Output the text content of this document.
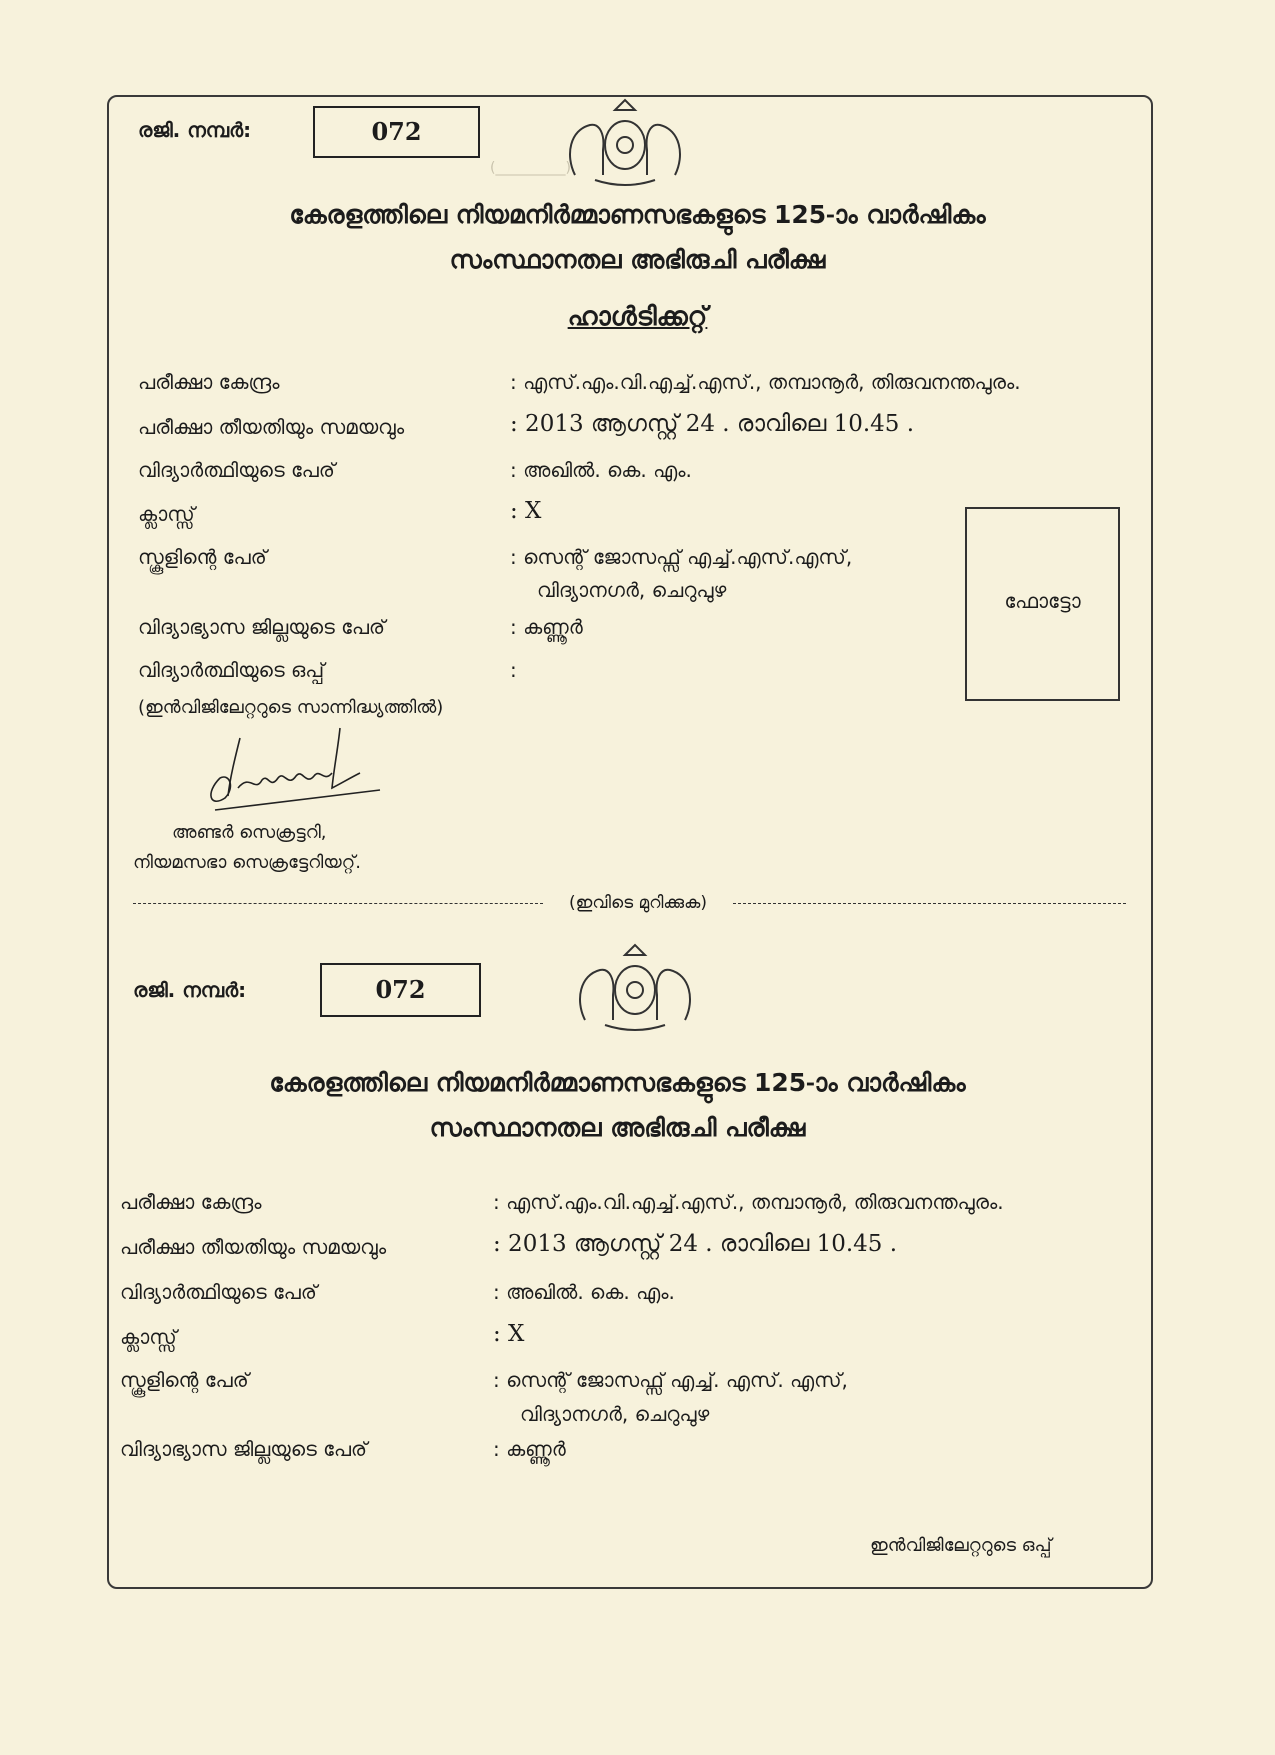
(__________)
രജി. നമ്പർ:	072
കേരളത്തിലെ നിയമനിർമ്മാണസഭകളുടെ 125-ാം വാർഷികം
സംസ്ഥാനതല അഭിരുചി പരീക്ഷ
ഹാൾടിക്കറ്റ്
പരീക്ഷാ കേന്ദ്രം	: എസ്.എം.വി.എച്ച്.എസ്., തമ്പാനൂർ, തിരുവനന്തപുരം.
പരീക്ഷാ തീയതിയും സമയവും	: 2013 ആഗസ്റ്റ് 24 . രാവിലെ 10.45 .
വിദ്യാർത്ഥിയുടെ പേര്	: അഖിൽ. കെ. എം.
ക്ലാസ്സ്	: X
സ്കൂളിന്റെ പേര്	: സെന്റ് ജോസഫ്സ് എച്ച്.എസ്.എസ്,
വിദ്യാനഗർ, ചെറുപുഴ
വിദ്യാഭ്യാസ ജില്ലയുടെ പേര്	: കണ്ണൂർ
വിദ്യാർത്ഥിയുടെ ഒപ്പ്	:
(ഇൻവിജിലേറ്ററുടെ സാന്നിദ്ധ്യത്തിൽ)
ഫോട്ടോ
അണ്ടർ സെക്രട്ടറി,
നിയമസഭാ സെക്രട്ടേറിയറ്റ്.
(ഇവിടെ മുറിക്കുക)
രജി. നമ്പർ:	072
കേരളത്തിലെ നിയമനിർമ്മാണസഭകളുടെ 125-ാം വാർഷികം
സംസ്ഥാനതല അഭിരുചി പരീക്ഷ
പരീക്ഷാ കേന്ദ്രം	: എസ്.എം.വി.എച്ച്.എസ്., തമ്പാനൂർ, തിരുവനന്തപുരം.
പരീക്ഷാ തീയതിയും സമയവും	: 2013 ആഗസ്റ്റ് 24 . രാവിലെ 10.45 .
വിദ്യാർത്ഥിയുടെ പേര്	: അഖിൽ. കെ. എം.
ക്ലാസ്സ്	: X
സ്കൂളിന്റെ പേര്	: സെന്റ് ജോസഫ്സ് എച്ച്. എസ്. എസ്,
വിദ്യാനഗർ, ചെറുപുഴ
വിദ്യാഭ്യാസ ജില്ലയുടെ പേര്	: കണ്ണൂർ
ഇൻവിജിലേറ്ററുടെ ഒപ്പ്
